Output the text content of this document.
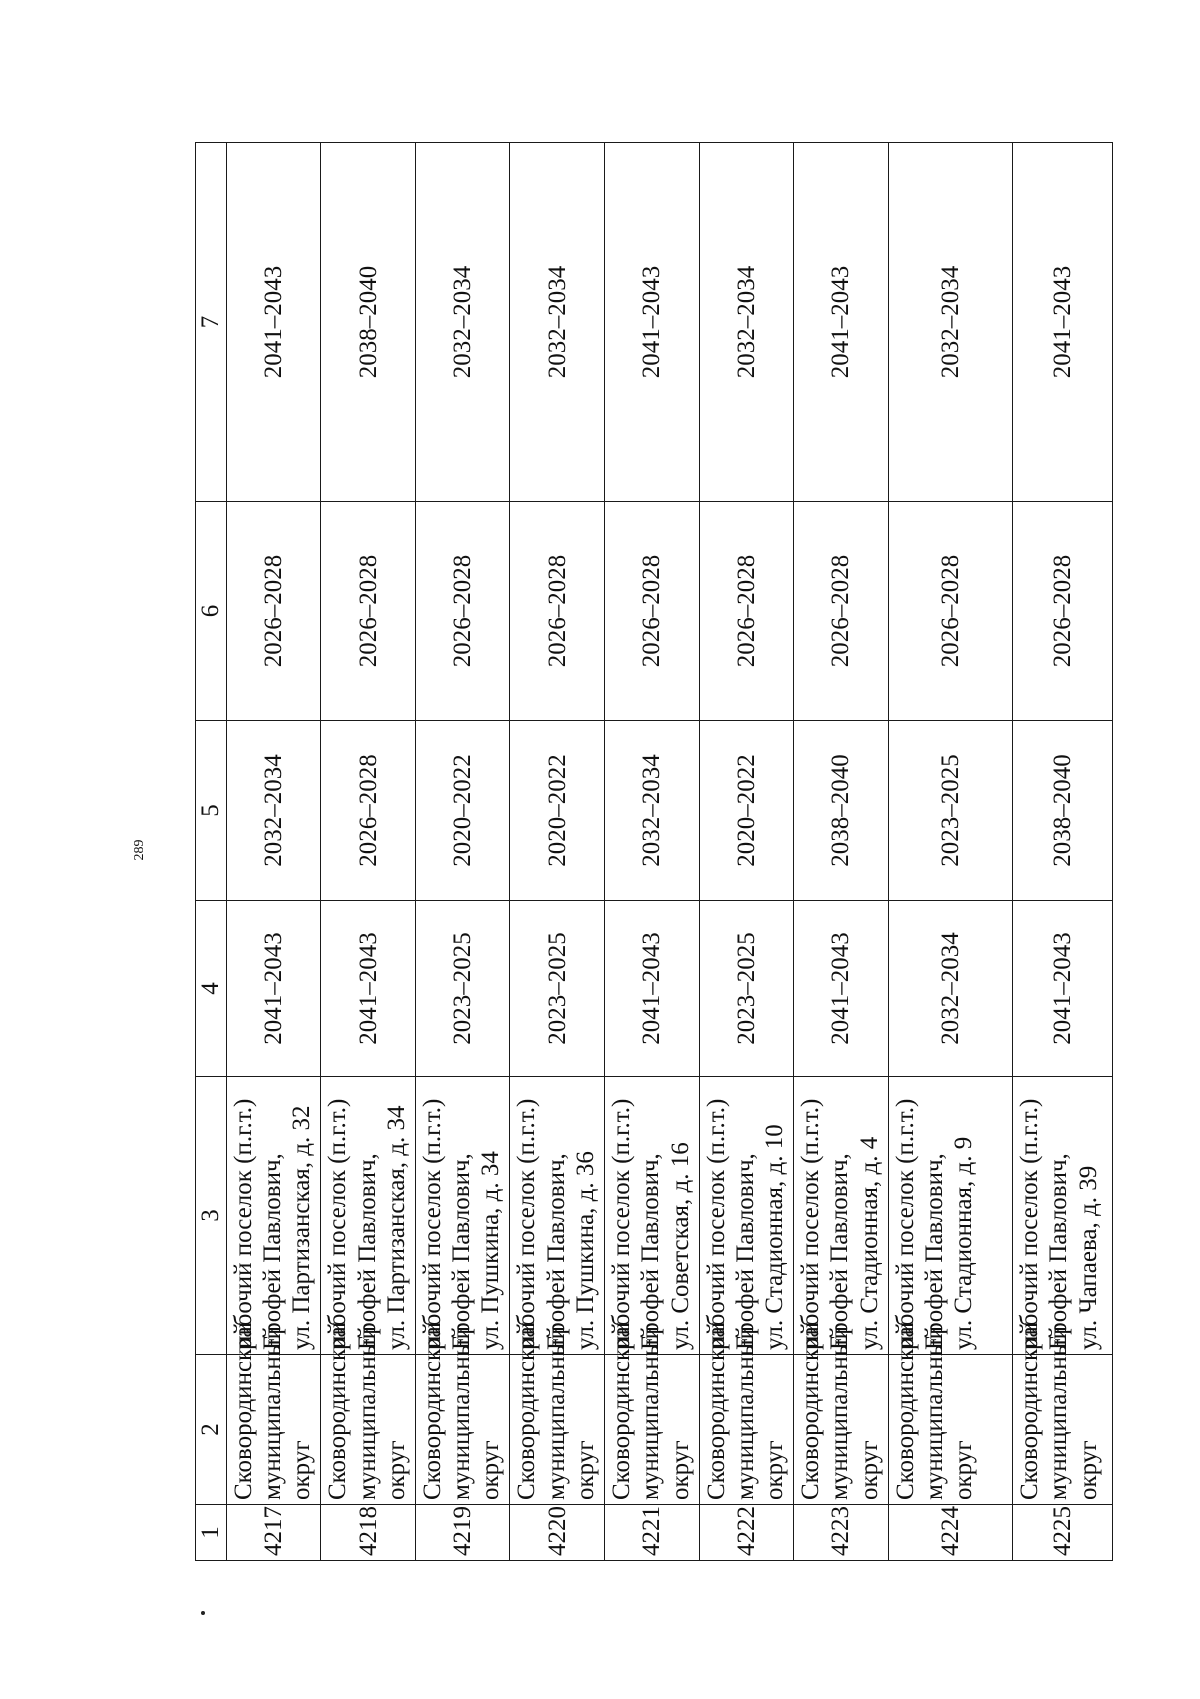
289
1	2	3	4	5	6	7
4217	Сковородинский муниципальный округ	рабочий поселок (п.г.т.) Ерофей Павлович, ул. Партизанская, д. 32	2041–2043	2032–2034	2026–2028	2041–2043
4218	Сковородинский муниципальный округ	рабочий поселок (п.г.т.) Ерофей Павлович, ул. Партизанская, д. 34	2041–2043	2026–2028	2026–2028	2038–2040
4219	Сковородинский муниципальный округ	рабочий поселок (п.г.т.) Ерофей Павлович, ул. Пушкина, д. 34	2023–2025	2020–2022	2026–2028	2032–2034
4220	Сковородинский муниципальный округ	рабочий поселок (п.г.т.) Ерофей Павлович, ул. Пушкина, д. 36	2023–2025	2020–2022	2026–2028	2032–2034
4221	Сковородинский муниципальный округ	рабочий поселок (п.г.т.) Ерофей Павлович, ул. Советская, д. 16	2041–2043	2032–2034	2026–2028	2041–2043
4222	Сковородинский муниципальный округ	рабочий поселок (п.г.т.) Ерофей Павлович, ул. Стадионная, д. 10	2023–2025	2020–2022	2026–2028	2032–2034
4223	Сковородинский муниципальный округ	рабочий поселок (п.г.т.) Ерофей Павлович, ул. Стадионная, д. 4	2041–2043	2038–2040	2026–2028	2041–2043
4224	Сковородинский муниципальный округ	рабочий поселок (п.г.т.) Ерофей Павлович, ул. Стадионная, д. 9	2032–2034	2023–2025	2026–2028	2032–2034
4225	Сковородинский муниципальный округ	рабочий поселок (п.г.т.) Ерофей Павлович, ул. Чапаева, д. 39	2041–2043	2038–2040	2026–2028	2041–2043
